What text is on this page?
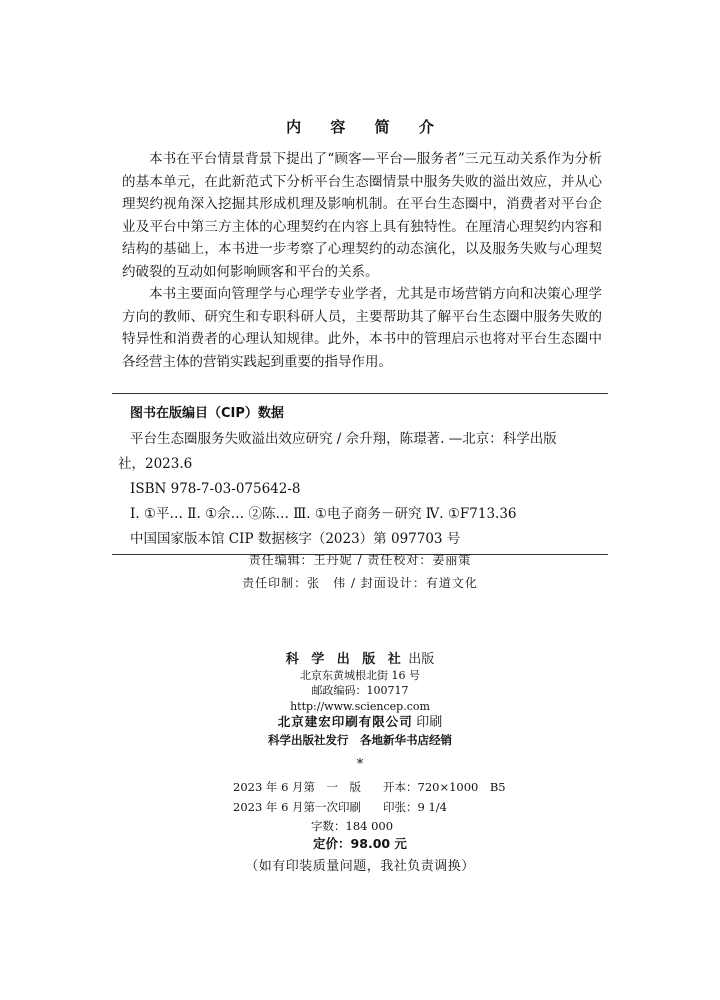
内 容 简 介

本书在平台情景背景下提出了“顾客—平台—服务者”三元互动关系作为分析的基本单元，在此新范式下分析平台生态圈情景中服务失败的溢出效应，并从心理契约视角深入挖掘其形成机理及影响机制。在平台生态圈中，消费者对平台企业及平台中第三方主体的心理契约在内容上具有独特性。在厘清心理契约内容和结构的基础上，本书进一步考察了心理契约的动态演化，以及服务失败与心理契约破裂的互动如何影响顾客和平台的关系。

本书主要面向管理学与心理学专业学者，尤其是市场营销方向和决策心理学方向的教师、研究生和专职科研人员，主要帮助其了解平台生态圈中服务失败的特异性和消费者的心理认知规律。此外，本书中的管理启示也将对平台生态圈中各经营主体的营销实践起到重要的指导作用。

图书在版编目（CIP）数据
平台生态圈服务失败溢出效应研究 / 佘升翔，陈璟著. —北京：科学出版
社，2023.6
ISBN 978-7-03-075642-8
Ⅰ. ①平… Ⅱ. ①佘… ②陈… Ⅲ. ①电子商务－研究 Ⅳ. ①F713.36
中国国家版本馆 CIP 数据核字（2023）第 097703 号
责任编辑：王丹妮 / 责任校对：姜丽策
责任印制：张　伟 / 封面设计：有道文化
科 学 出 版 社 出版
北京东黄城根北街 16 号
邮政编码：100717
http://www.sciencep.com
北京建宏印刷有限公司 印刷
科学出版社发行　各地新华书店经销
*
2023 年 6 月第　一　版 开本：720×1000　B5
2023 年 6 月第一次印刷 印张：9 1/4
字数：184 000
定价：98.00 元
（如有印装质量问题，我社负责调换）
